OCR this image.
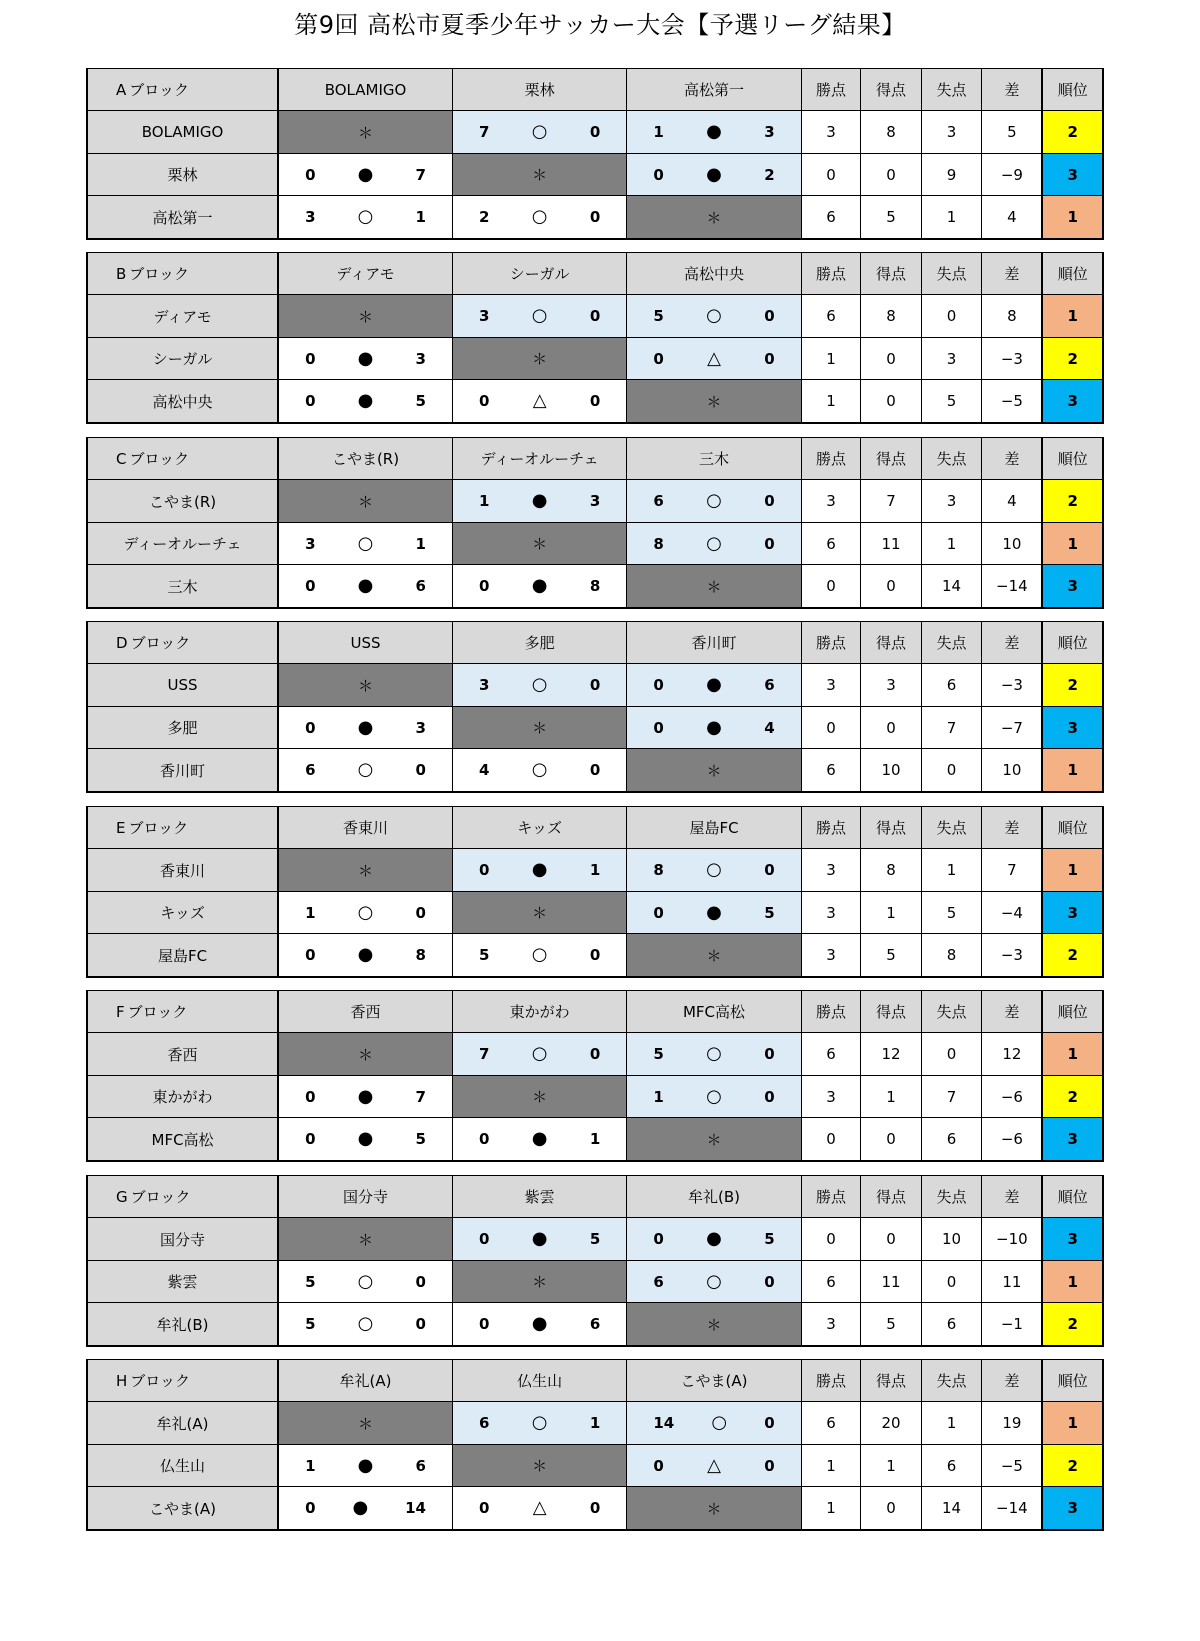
第9回 高松市夏季少年サッカー大会【予選リーグ結果】
A ブロック	BOLAMIGO	栗林	高松第一	勝点	得点	失点	差	順位
BOLAMIGO	＊	7 ○ 0	1 ● 3	3	8	3	5	2
栗林	0 ● 7	＊	0 ● 2	0	0	9	−9	3
高松第一	3 ○ 1	2 ○ 0	＊	6	5	1	4	1
B ブロック	ディアモ	シーガル	高松中央	勝点	得点	失点	差	順位
ディアモ	＊	3 ○ 0	5 ○ 0	6	8	0	8	1
シーガル	0 ● 3	＊	0 △ 0	1	0	3	−3	2
高松中央	0 ● 5	0 △ 0	＊	1	0	5	−5	3
C ブロック	こやま(R)	ディーオルーチェ	三木	勝点	得点	失点	差	順位
こやま(R)	＊	1 ● 3	6 ○ 0	3	7	3	4	2
ディーオルーチェ	3 ○ 1	＊	8 ○ 0	6	11	1	10	1
三木	0 ● 6	0 ● 8	＊	0	0	14	−14	3
D ブロック	USS	多肥	香川町	勝点	得点	失点	差	順位
USS	＊	3 ○ 0	0 ● 6	3	3	6	−3	2
多肥	0 ● 3	＊	0 ● 4	0	0	7	−7	3
香川町	6 ○ 0	4 ○ 0	＊	6	10	0	10	1
E ブロック	香東川	キッズ	屋島FC	勝点	得点	失点	差	順位
香東川	＊	0 ● 1	8 ○ 0	3	8	1	7	1
キッズ	1 ○ 0	＊	0 ● 5	3	1	5	−4	3
屋島FC	0 ● 8	5 ○ 0	＊	3	5	8	−3	2
F ブロック	香西	東かがわ	MFC高松	勝点	得点	失点	差	順位
香西	＊	7 ○ 0	5 ○ 0	6	12	0	12	1
東かがわ	0 ● 7	＊	1 ○ 0	3	1	7	−6	2
MFC高松	0 ● 5	0 ● 1	＊	0	0	6	−6	3
G ブロック	国分寺	紫雲	牟礼(B)	勝点	得点	失点	差	順位
国分寺	＊	0 ● 5	0 ● 5	0	0	10	−10	3
紫雲	5 ○ 0	＊	6 ○ 0	6	11	0	11	1
牟礼(B)	5 ○ 0	0 ● 6	＊	3	5	6	−1	2
H ブロック	牟礼(A)	仏生山	こやま(A)	勝点	得点	失点	差	順位
牟礼(A)	＊	6 ○ 1	14 ○ 0	6	20	1	19	1
仏生山	1 ● 6	＊	0 △ 0	1	1	6	−5	2
こやま(A)	0 ● 14	0 △ 0	＊	1	0	14	−14	3
